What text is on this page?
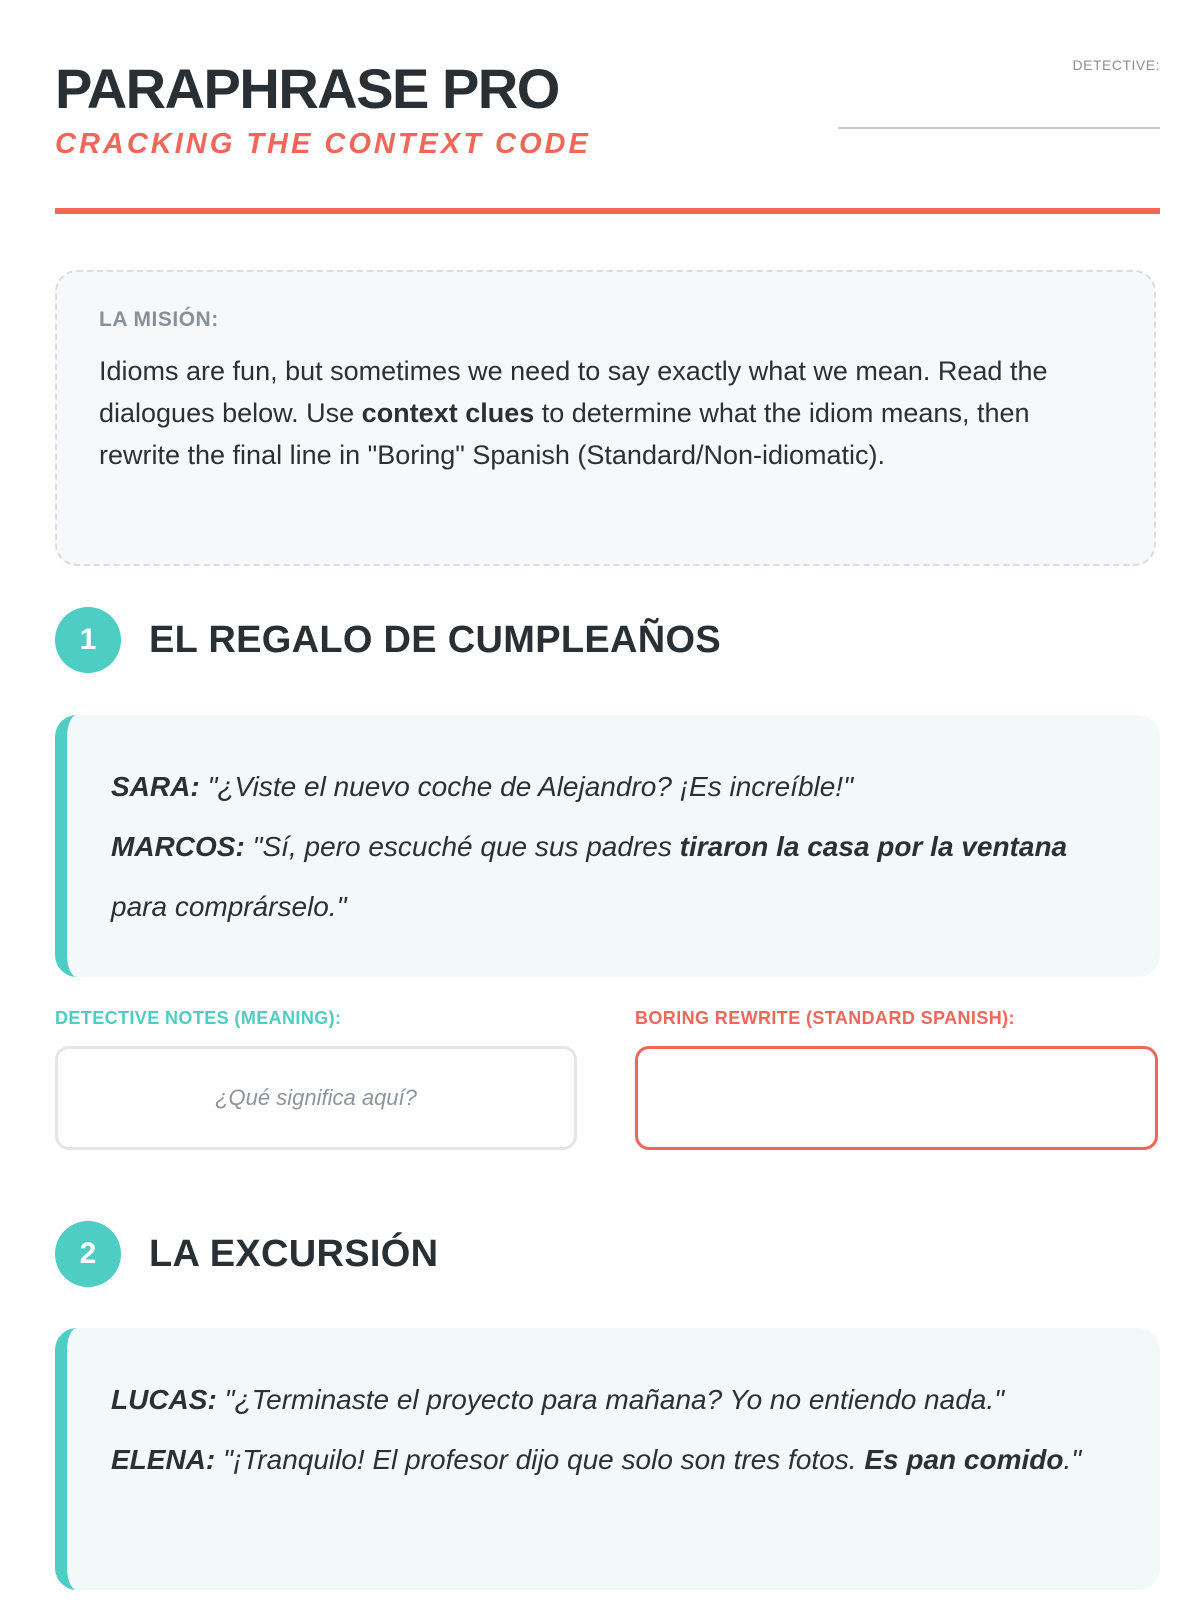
PARAPHRASE PRO
CRACKING THE CONTEXT CODE
DETECTIVE:
LA MISIÓN:

Idioms are fun, but sometimes we need to say exactly what we mean. Read the dialogues below. Use context clues to determine what the idiom means, then rewrite the final line in "Boring" Spanish (Standard/Non-idiomatic).

1	EL REGALO DE CUMPLEAÑOS
SARA: "¿Viste el nuevo coche de Alejandro? ¡Es increíble!"
MARCOS: "Sí, pero escuché que sus padres tiraron la casa por la ventana para comprárselo."
DETECTIVE NOTES (MEANING):
¿Qué significa aquí?
BORING REWRITE (STANDARD SPANISH):
2	LA EXCURSIÓN
LUCAS: "¿Terminaste el proyecto para mañana? Yo no entiendo nada."
ELENA: "¡Tranquilo! El profesor dijo que solo son tres fotos. Es pan comido."
